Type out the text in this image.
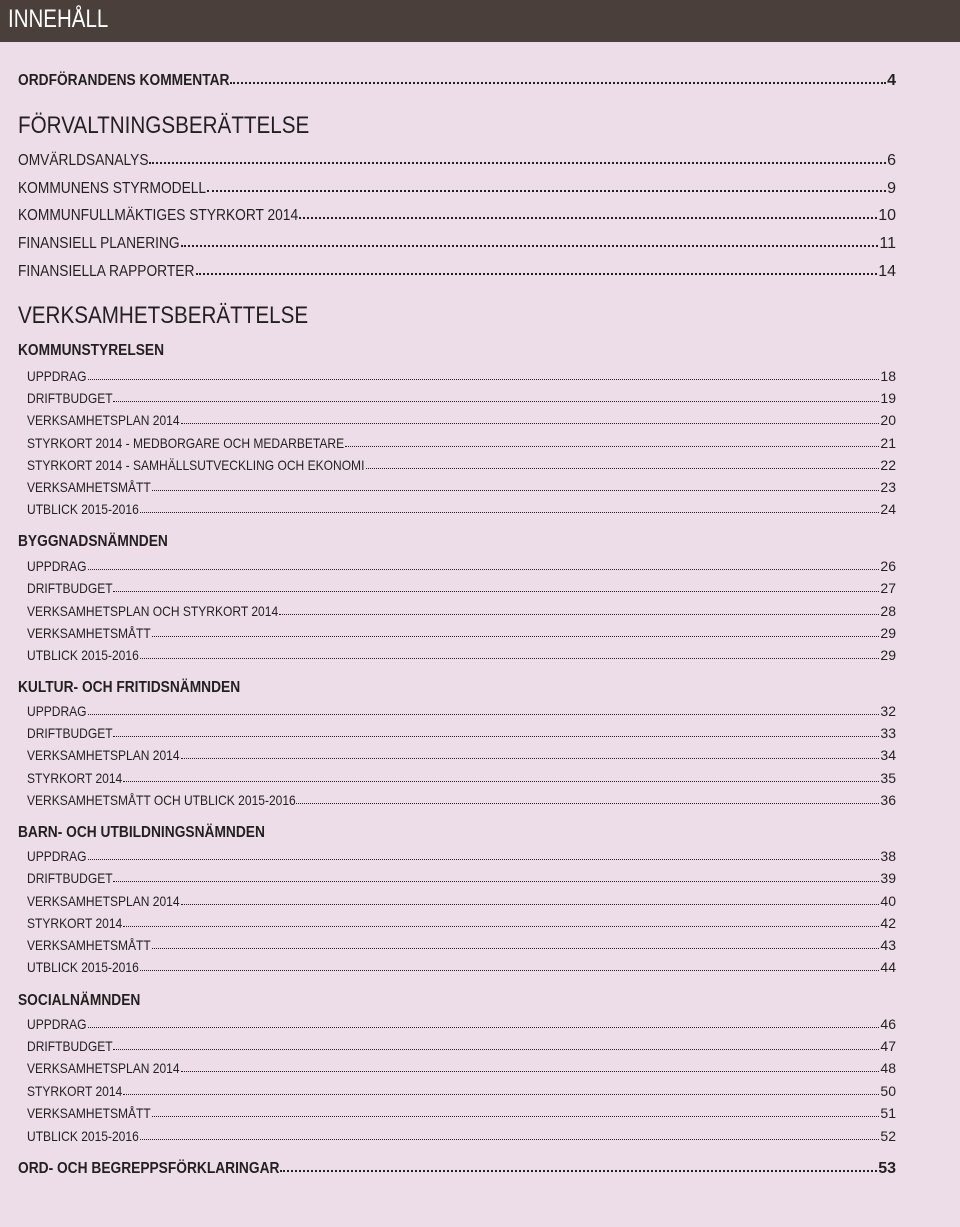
INNEHÅLL
ORDFÖRANDENS KOMMENTAR	4
FÖRVALTNINGSBERÄTTELSE
OMVÄRLDSANALYS	6
KOMMUNENS STYRMODELL	9
KOMMUNFULLMÄKTIGES STYRKORT 2014	10
FINANSIELL PLANERING	11
FINANSIELLA RAPPORTER	14
VERKSAMHETSBERÄTTELSE
KOMMUNSTYRELSEN
UPPDRAG	18
DRIFTBUDGET	19
VERKSAMHETSPLAN 2014	20
STYRKORT 2014 - MEDBORGARE OCH MEDARBETARE	21
STYRKORT 2014 - SAMHÄLLSUTVECKLING OCH EKONOMI	22
VERKSAMHETSMÅTT	23
UTBLICK 2015-2016	24
BYGGNADSNÄMNDEN
UPPDRAG	26
DRIFTBUDGET	27
VERKSAMHETSPLAN OCH STYRKORT 2014	28
VERKSAMHETSMÅTT	29
UTBLICK 2015-2016	29
KULTUR- OCH FRITIDSNÄMNDEN
UPPDRAG	32
DRIFTBUDGET	33
VERKSAMHETSPLAN 2014	34
STYRKORT 2014	35
VERKSAMHETSMÅTT OCH UTBLICK 2015-2016	36
BARN- OCH UTBILDNINGSNÄMNDEN
UPPDRAG	38
DRIFTBUDGET	39
VERKSAMHETSPLAN 2014	40
STYRKORT 2014	42
VERKSAMHETSMÅTT	43
UTBLICK 2015-2016	44
SOCIALNÄMNDEN
UPPDRAG	46
DRIFTBUDGET	47
VERKSAMHETSPLAN 2014	48
STYRKORT 2014	50
VERKSAMHETSMÅTT	51
UTBLICK 2015-2016	52
ORD- OCH BEGREPPSFÖRKLARINGAR	53
